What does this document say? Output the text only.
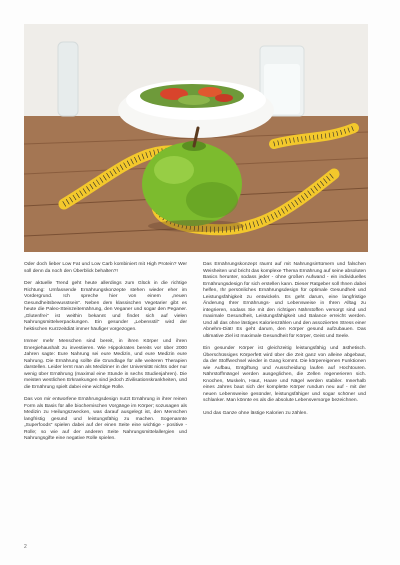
Oder doch lieber Low Fat und Low Carb kombiniert mit High Protein? Wer soll denn da noch den Überblick behalten?!

Der aktuelle Trend geht heute allerdings zum Glück in die richtige Richtung: Umfassende Ernährungskonzepte stehen wieder eher im Vordergrund. Ich spreche hier von einem „neuen Gesundheitsbewusstsein". Neben dem klassischen Vegetarier gibt es heute die Paleo-Steinzeiternährung, den Veganer und sogar den Peganer. „Glutenfrei" ist weithin bekannt und findet sich auf vielen Nahrungsmittelverpackungen. Ein gesunder „Lebensstil" wird der hektischen Kurzzeitdiät immer häufiger vorgezogen.

Immer mehr Menschen sind bereit, in ihren Körper und ihren Energiehaushalt zu investieren. Wie Hippokrates bereits vor über 2000 Jahren sagte: Eure Nahrung sei eure Medizin, und eure Medizin eure Nahrung. Die Ernährung sollte die Grundlage für alle weiteren Therapien darstellen. Leider lernt man als Mediziner in der Universität nichts oder nur wenig über Ernährung (maximal eine Stunde in sechs Studienjahren). Die meisten westlichen Erkrankungen sind jedoch Zivilisationskrankheiten, und die Ernährung spielt dabei eine wichtige Rolle.

Das von mir entworfene Ernährungsdesign nutzt Ernährung in ihrer reinen Form als Basis für alle biochemischen Vorgänge im Körper; sozusagen als Medizin zu Heilungszwecken, was darauf ausgelegt ist, den Menschen langfristig gesund und leistungsfähig zu machen. Sogenannte „Superfoods" spielen dabei auf der einen Seite eine wichtige - positive - Rolle; so wie auf der anderen Seite Nahrungsmittelallergien und Nahrungsgifte eine negative Rolle spielen.

Das Ernährungskonzept räumt auf mit Nahrungsirrtümern und falschen Weisheiten und bricht das komplexe Thema Ernährung auf seine absoluten Basics herunter, sodass jeder - ohne großen Aufwand - ein individuelles Ernährungsdesign für sich erstellen kann. Dieser Ratgeber soll Ihnen dabei helfen, Ihr persönliches Ernährungsdesign für optimale Gesundheit und Leistungsfähigkeit zu entwickeln. Es geht darum, eine langfristige Änderung Ihrer Ernährungs- und Lebensweise in Ihren Alltag zu integrieren, sodass Sie mit den richtigen Nährstoffen versorgt sind und maximale Gesundheit, Leistungsfähigkeit und Balance erreicht werden. Und all das ohne lästiges Kalorienzählen und den assoziierten Stress einer Abnehm-Diät! Es geht darum, den Körper gesund aufzubauen. Das ultimative Ziel ist maximale Gesundheit für Körper, Geist und Seele.

Ein gesunder Körper ist gleichzeitig leistungsfähig und ästhetisch. Überschüssiges Körperfett wird über die Zeit ganz von alleine abgebaut, da der Stoffwechsel wieder in Gang kommt. Die körpereigenen Funktionen wie Aufbau, Entgiftung und Ausscheidung laufen auf Hochtouren. Nährstoffmängel werden ausgeglichen, die Zellen regenerieren sich. Knochen, Muskeln, Haut, Haare und Nägel werden stabiler. Innerhalb eines Jahres baut sich der komplette Körper rundum neu auf - mit der neuen Lebensweise gesünder, leistungsfähiger und sogar schöner und schlanker. Man könnte es als die absolute Lebensversorge bezeichnen.

Und das Ganze ohne lästige Kalorien zu zählen.

2
